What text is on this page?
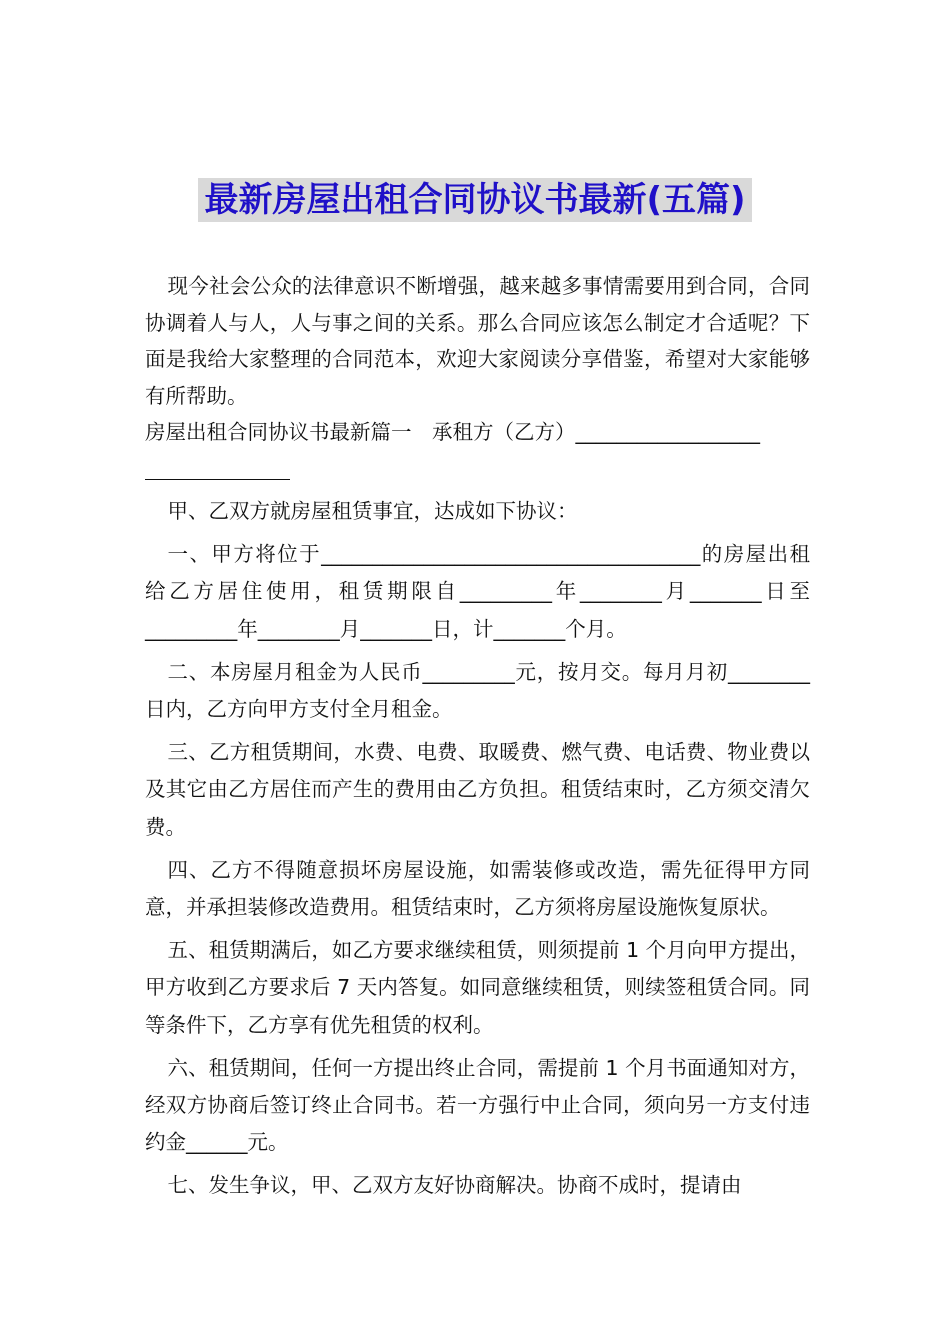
最新房屋出租合同协议书最新(五篇)

现今社会公众的法律意识不断增强，越来越多事情需要用到合同，合同协调着人与人，人与事之间的关系。那么合同应该怎么制定才合适呢？下面是我给大家整理的合同范本，欢迎大家阅读分享借鉴，希望对大家能够有所帮助。

房屋出租合同协议书最新篇一　承租方（乙方）__________________

甲、乙双方就房屋租赁事宜，达成如下协议：

一、甲方将位于_____________________________________的房屋出租给乙方居住使用，租赁期限自_________年________月_______日至_________年________月_______日，计_______个月。

二、本房屋月租金为人民币_________元，按月交。每月月初________日内，乙方向甲方支付全月租金。

三、乙方租赁期间，水费、电费、取暖费、燃气费、电话费、物业费以及其它由乙方居住而产生的费用由乙方负担。租赁结束时，乙方须交清欠费。

四、乙方不得随意损坏房屋设施，如需装修或改造，需先征得甲方同意，并承担装修改造费用。租赁结束时，乙方须将房屋设施恢复原状。

五、租赁期满后，如乙方要求继续租赁，则须提前 1 个月向甲方提出，甲方收到乙方要求后 7 天内答复。如同意继续租赁，则续签租赁合同。同等条件下，乙方享有优先租赁的权利。

六、租赁期间，任何一方提出终止合同，需提前 1 个月书面通知对方，经双方协商后签订终止合同书。若一方强行中止合同，须向另一方支付违约金______元。

七、发生争议，甲、乙双方友好协商解决。协商不成时，提请由
